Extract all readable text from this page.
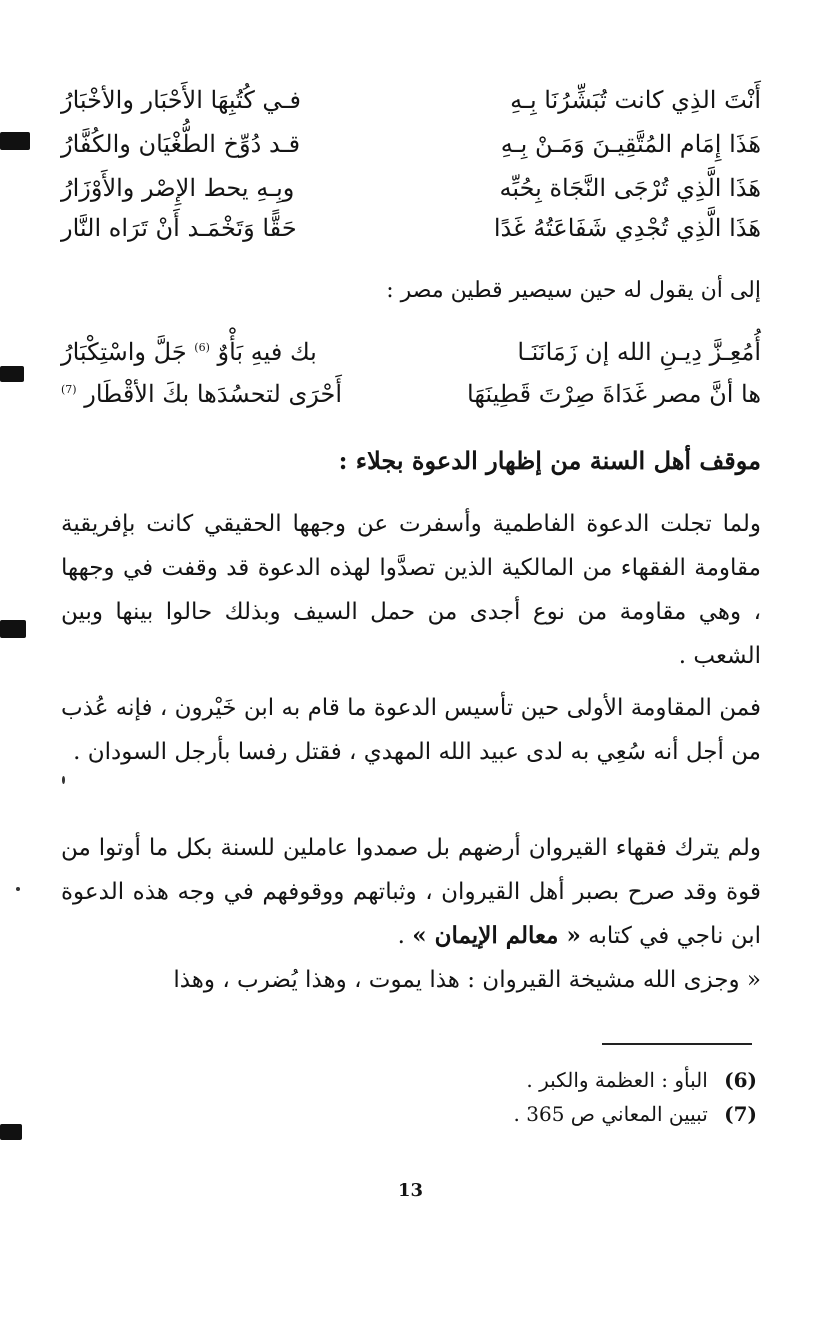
أَنْتَ الذِي كانت تُبَشِّرُنَا بِـهِ
فـي كُتُبِهَا الأَحْبَار والأخْبَارُ
هَذَا إِمَام المُتَّقِيـنَ وَمَـنْ بِـهِ
قـد دُوِّخ الطُّغْيَان والكُفَّارُ
هَذَا الَّذِي تُرْجَى النَّجَاة بِحُبِّه
وبِـهِ يحط الإِصْر والأَوْزَارُ
هَذَا الَّذِي تُجْدِي شَفَاعَتُهُ غَدًا
حَقًّا وَتَخْمَـد أَنْ تَرَاه النَّار
إلى أن يقول له حين سيصير قطين مصر :
أُمُعِـزَّ دِيـنِ الله إن زَمَانَنَـا
بك فيهِ بَأْوٌ $^{(6)}$ جَلَّ واسْتِكْبَارُ
ها أنَّ مصر غَدَاةَ صِرْتَ قَطِينَهَا
أَحْرَى لتحسُدَها بكَ الأقْطَار $^{(7)}$
موقف أهل السنة من إظهار الدعوة بجلاء :
ولما تجلت الدعوة الفاطمية وأسفرت عن وجهها الحقيقي كانت بإفريقية مقاومة الفقهاء من المالكية الذين تصدَّوا لهذه الدعوة قد وقفت في وجهها ، وهي مقاومة من نوع أجدى من حمل السيف وبذلك حالوا بينها وبين الشعب .
فمن المقاومة الأولى حين تأسيس الدعوة ما قام به ابن خَيْرون ، فإنه عُذب من أجل أنه سُعِي به لدى عبيد الله المهدي ، فقتل رفسا بأرجل السودان .
ولم يترك فقهاء القيروان أرضهم بل صمدوا عاملين للسنة بكل ما أوتوا من قوة وقد صرح بصبر أهل القيروان ، وثباتهم ووقوفهم في وجه هذه الدعوة ابن ناجي في كتابه « معالم الإيمان » .
« وجزى الله مشيخة القيروان : هذا يموت ، وهذا يُضرب ، وهذا
(6) البأو : العظمة والكبر .
(7) تبيين المعاني ص 365 .
13
